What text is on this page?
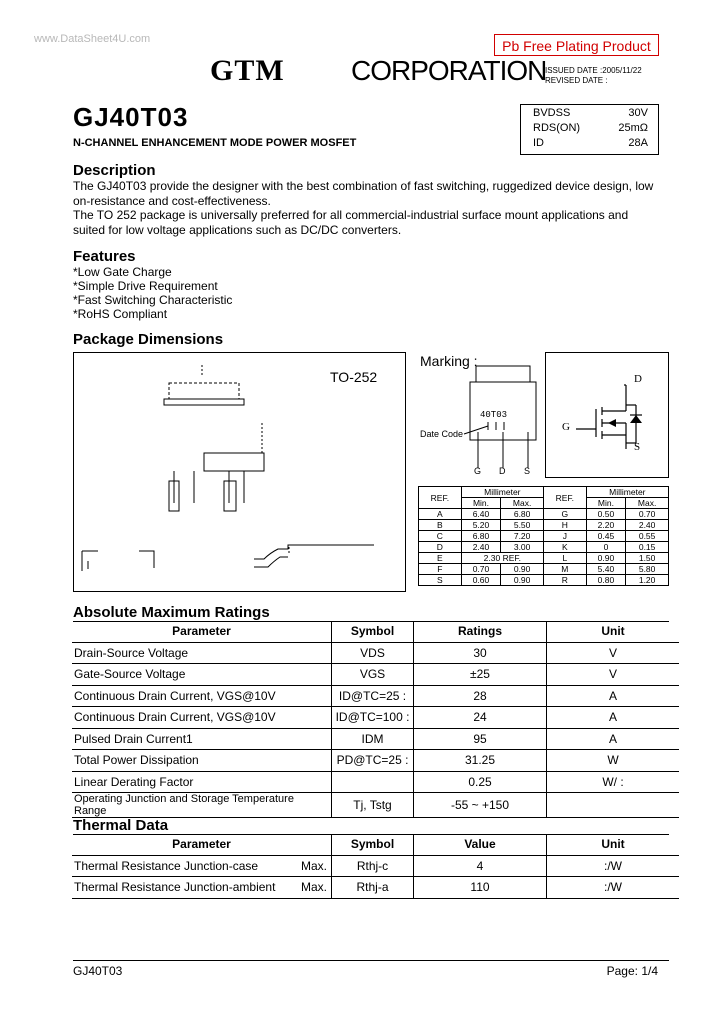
www.DataSheet4U.com	Pb Free Plating Product
GTM CORPORATION
ISSUED DATE :2005/11/22
REVISED DATE :
GJ40T03
N-CHANNEL ENHANCEMENT MODE POWER MOSFET
BVDSS	30V
RDS(ON)	25mΩ
ID	28A
Description
The GJ40T03 provide the designer with the best combination of fast switching, ruggedized device design, low on-resistance and cost-effectiveness.
The TO 252 package is universally preferred for all commercial-industrial surface mount applications and suited for low voltage applications such as DC/DC converters.
Features
*Low Gate Charge
*Simple Drive Requirement
*Fast Switching Characteristic
*RoHS Compliant
Package Dimensions
TO-252
Marking :
40T03
Date Code
G D S
D
G
S
REF.	Millimeter		REF.	Millimeter	
	Min.	Max.		Min.	Max.
A	6.40	6.80	G	0.50	0.70
B	5.20	5.50	H	2.20	2.40
C	6.80	7.20	J	0.45	0.55
D	2.40	3.00	K	0	0.15
E	2.30 REF.		L	0.90	1.50
F	0.70	0.90	M	5.40	5.80
S	0.60	0.90	R	0.80	1.20
Absolute Maximum Ratings
Parameter	Symbol	Ratings	Unit
Drain-Source Voltage	VDS	30	V
Gate-Source Voltage	VGS	±25	V
Continuous Drain Current, VGS@10V	ID@TC=25 :	28	A
Continuous Drain Current, VGS@10V	ID@TC=100 :	24	A
Pulsed Drain Current1	IDM	95	A
Total Power Dissipation	PD@TC=25 :	31.25	W
Linear Derating Factor		0.25	W/ :
Operating Junction and Storage Temperature Range	Tj, Tstg	-55 ~ +150	
Thermal Data
Parameter	Symbol	Value	Unit
Thermal Resistance Junction-case Max.	Rthj-c	4	:/W
Thermal Resistance Junction-ambient Max.	Rthj-a	110	:/W
GJ40T03	Page: 1/4
